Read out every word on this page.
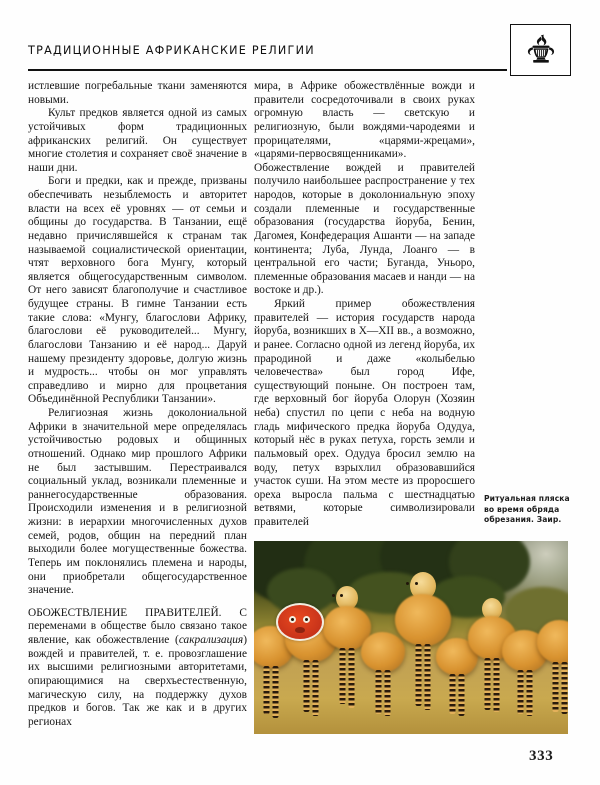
ТРАДИЦИОННЫЕ АФРИКАНСКИЕ РЕЛИГИИ

истлевшие погребальные ткани заменяются новыми.

Культ предков является одной из самых устойчивых форм традиционных африканских религий. Он существует многие столетия и сохраняет своё значение в наши дни.

Боги и предки, как и прежде, призваны обеспечивать незыблемость и авторитет власти на всех её уровнях — от семьи и общины до государства. В Танзании, ещё недавно причислявшейся к странам так называемой социалистической ориентации, чтят верховного бога Мунгу, который является общегосударственным символом. От него зависят благополучие и счастливое будущее страны. В гимне Танзании есть такие слова: «Мунгу, благослови Африку, благослови её руководителей... Мунгу, благослови Танзанию и её народ... Даруй нашему президенту здоровье, долгую жизнь и мудрость... чтобы он мог управлять справедливо и мирно для процветания Объединённой Республики Танзании».

Религиозная жизнь доколониальной Африки в значительной мере определялась устойчивостью родовых и общинных отношений. Однако мир прошлого Африки не был застывшим. Перестраивался социальный уклад, возникали племенные и раннегосударственные образования. Происходили изменения и в религиозной жизни: в иерархии многочисленных духов семей, родов, общин на передний план выходили более могущественные божества. Теперь им поклонялись племена и народы, они приобретали общегосударственное значение.

ОБОЖЕСТВЛЕНИЕ ПРАВИТЕЛЕЙ. С переменами в обществе было связано такое явление, как обожествление (сакрализация) вождей и правителей, т. е. провозглашение их высшими религиозными авторитетами, опирающимися на сверхъестественную, магическую силу, на поддержку духов предков и богов. Так же как и в других регионах

мира, в Африке обожествлённые вожди и правители сосредоточивали в своих руках огромную власть — светскую и религиозную, были вождями-чародеями и прорицателями, «царями-жрецами», «царями-первосвященниками». Обожествление вождей и правителей получило наибольшее распространение у тех народов, которые в доколониальную эпоху создали племенные и государственные образования (государства йоруба, Бенин, Дагомея, Конфедерация Ашанти — на западе континента; Луба, Лунда, Лоанго — в центральной его части; Буганда, Уньоро, племенные образования масаев и нанди — на востоке и др.).

Яркий пример обожествления правителей — история государств народа йоруба, возникших в X—XII вв., а возможно, и ранее. Согласно одной из легенд йоруба, их прародиной и даже «колыбелью человечества» был город Ифе, существующий поныне. Он построен там, где верховный бог йоруба Олорун (Хозяин неба) спустил по цепи с неба на водную гладь мифического предка йоруба Одудуа, который нёс в руках петуха, горсть земли и пальмовый орех. Одудуа бросил землю на воду, петух взрыхлил образовавшийся участок суши. На этом месте из проросшего ореха выросла пальма с шестнадцатью ветвями, которые символизировали правителей

Ритуальная пляска во время обряда обрезания. Заир.
333
